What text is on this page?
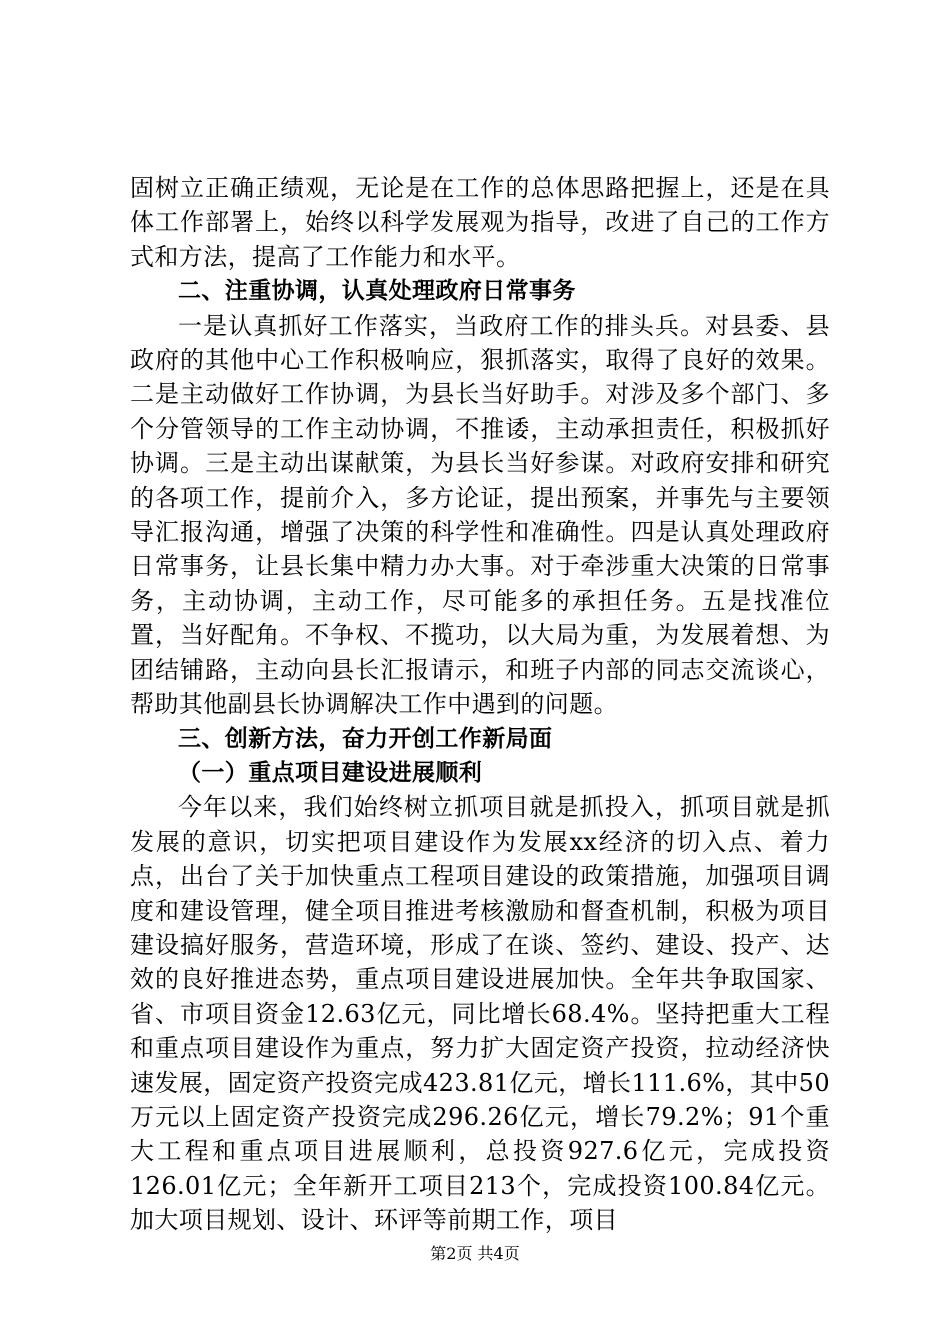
固树立正确正绩观，无论是在工作的总体思路把握上，还是在具体工作部署上，始终以科学发展观为指导，改进了自己的工作方式和方法，提高了工作能力和水平。

二、注重协调，认真处理政府日常事务

一是认真抓好工作落实，当政府工作的排头兵。对县委、县政府的其他中心工作积极响应，狠抓落实，取得了良好的效果。二是主动做好工作协调，为县长当好助手。对涉及多个部门、多个分管领导的工作主动协调，不推诿，主动承担责任，积极抓好协调。三是主动出谋献策，为县长当好参谋。对政府安排和研究的各项工作，提前介入，多方论证，提出预案，并事先与主要领导汇报沟通，增强了决策的科学性和准确性。四是认真处理政府日常事务，让县长集中精力办大事。对于牵涉重大决策的日常事务，主动协调，主动工作，尽可能多的承担任务。五是找准位置，当好配角。不争权、不揽功，以大局为重，为发展着想、为团结铺路，主动向县长汇报请示，和班子内部的同志交流谈心，帮助其他副县长协调解决工作中遇到的问题。

三、创新方法，奋力开创工作新局面

（一）重点项目建设进展顺利

今年以来，我们始终树立抓项目就是抓投入，抓项目就是抓发展的意识，切实把项目建设作为发展xx经济的切入点、着力点，出台了关于加快重点工程项目建设的政策措施，加强项目调度和建设管理，健全项目推进考核激励和督查机制，积极为项目建设搞好服务，营造环境，形成了在谈、签约、建设、投产、达效的良好推进态势，重点项目建设进展加快。全年共争取国家、省、市项目资金12.63亿元，同比增长68.4%。坚持把重大工程和重点项目建设作为重点，努力扩大固定资产投资，拉动经济快速发展，固定资产投资完成423.81亿元，增长111.6%，其中50万元以上固定资产投资完成296.26亿元，增长79.2%；91个重大工程和重点项目进展顺利，总投资927.6亿元，完成投资126.01亿元；全年新开工项目213个，完成投资100.84亿元。加大项目规划、设计、环评等前期工作，项目

第2页 共4页
